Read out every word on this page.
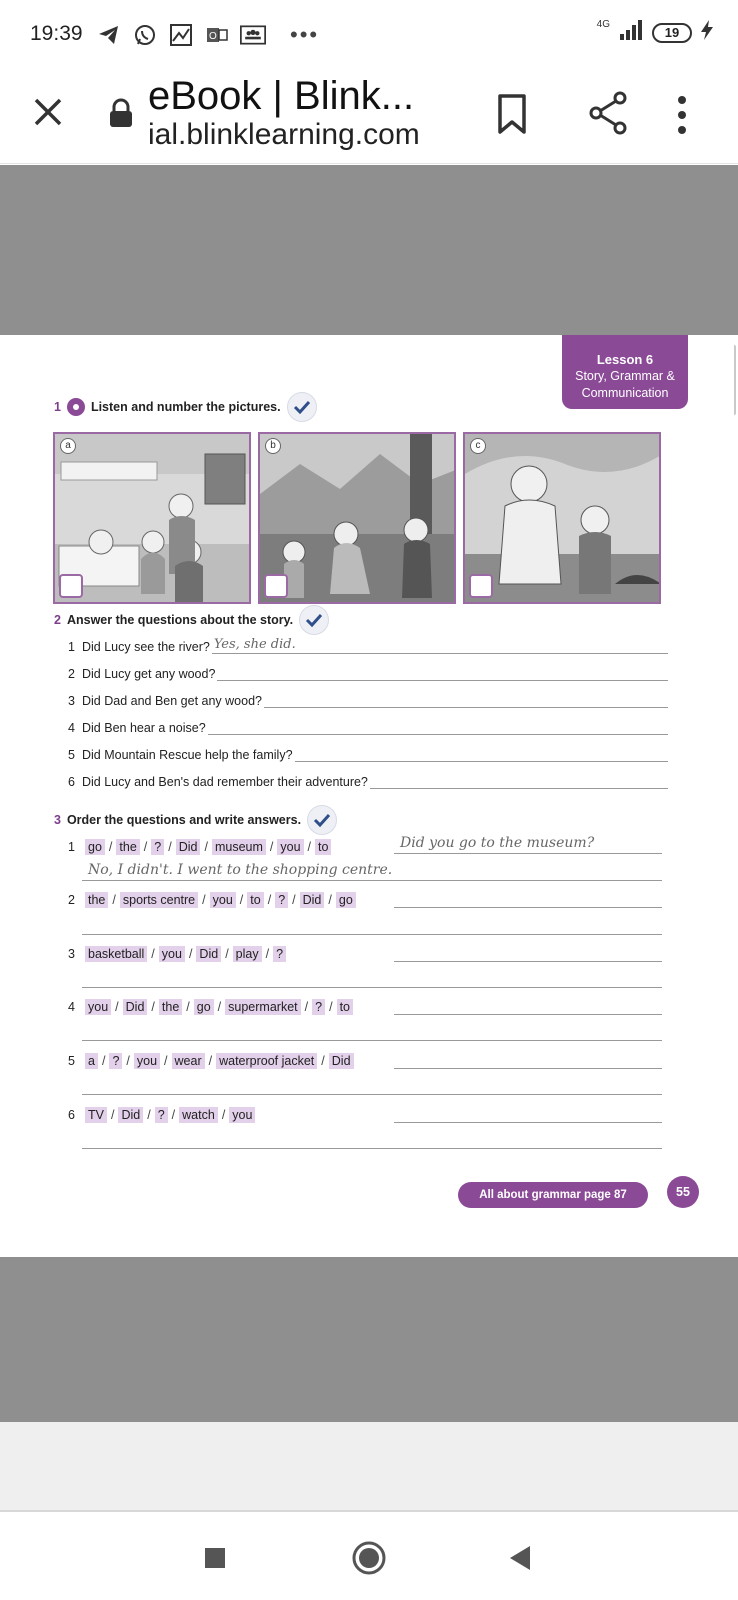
19:39	O	•••	4G
19
eBook | Blink...
ial.blinklearning.com
Lesson 6
Story, Grammar &
Communication
1 Listen and number the pictures.
a	b	c
2 Answer the questions about the story.
1 Did Lucy see the river? Yes, she did.
2 Did Lucy get any wood?
3 Did Dad and Ben get any wood?
4 Did Ben hear a noise?
5 Did Mountain Rescue help the family?
6 Did Lucy and Ben's dad remember their adventure?
3 Order the questions and write answers.
1	go / the / ? / Did / museum / you / to	Did you go to the museum?
No, I didn't. I went to the shopping centre.
2	the / sports centre / you / to / ? / Did / go
3	basketball / you / Did / play / ?
4	you / Did / the / go / supermarket / ? / to
5	a / ? / you / wear / waterproof jacket / Did
6	TV / Did / ? / watch / you
All about grammar page 87	55
